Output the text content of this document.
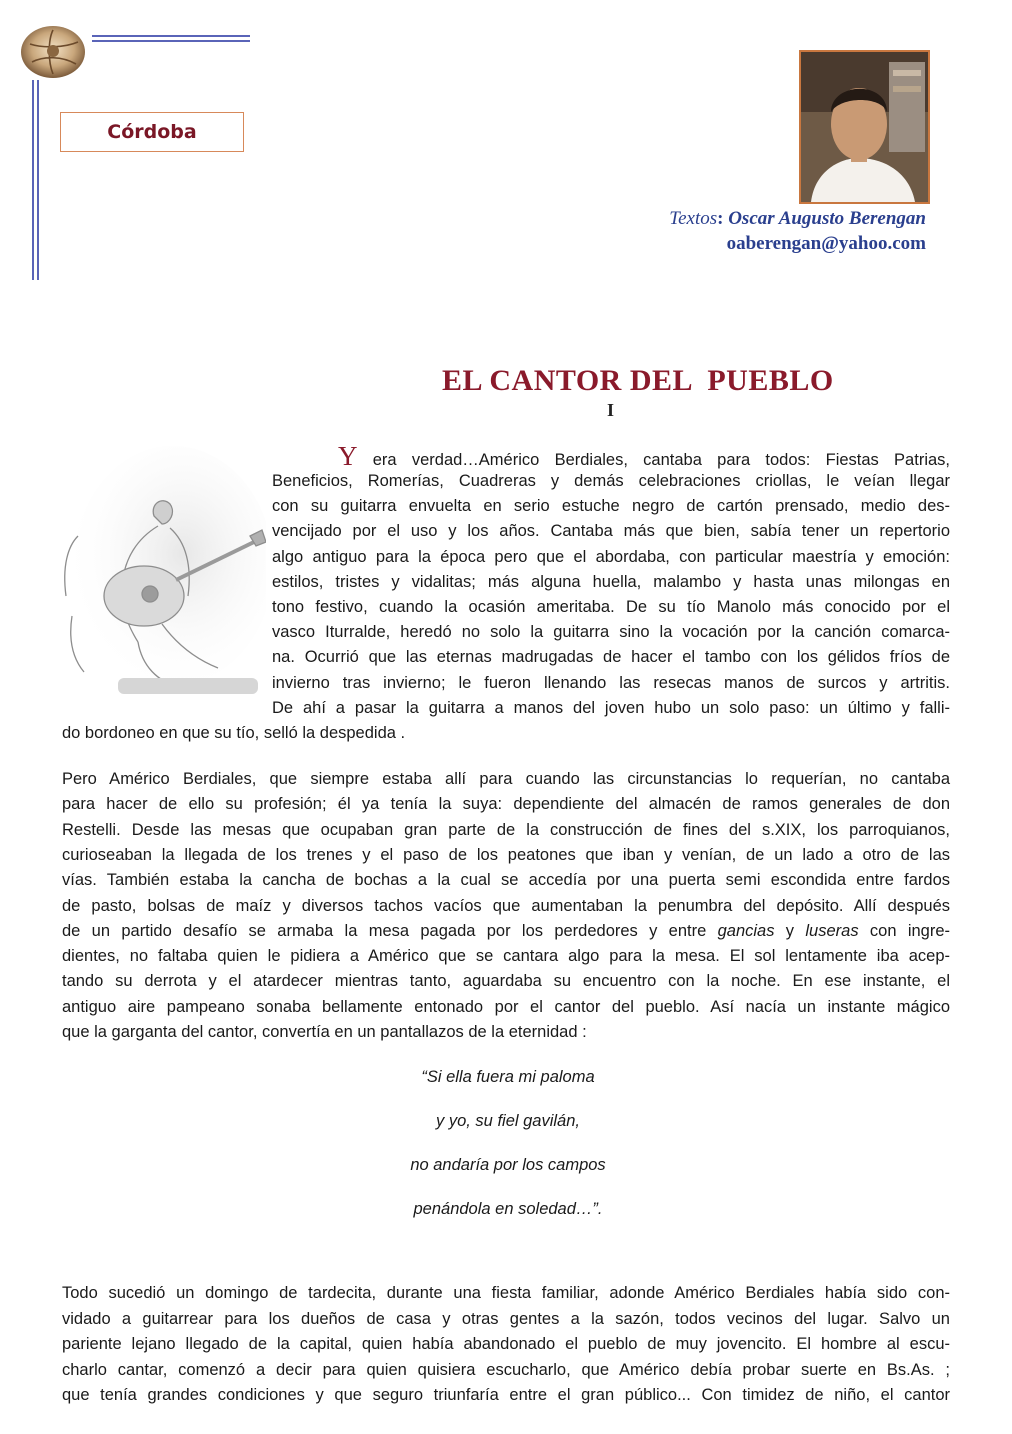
Córdoba
Textos: Oscar Augusto Berengan
oaberengan@yahoo.com
EL CANTOR DEL  PUEBLO
I
Y era verdad…Américo Berdiales, cantaba para todos: Fiestas Patrias,
Beneficios, Romerías, Cuadreras y demás celebraciones criollas, le veían llegar
con su guitarra envuelta en serio estuche negro de cartón prensado, medio des-
vencijado por el uso y los años. Cantaba más que bien, sabía tener un repertorio
algo antiguo para la época pero que el abordaba, con particular maestría y emoción:
estilos, tristes y vidalitas; más alguna huella, malambo y hasta unas milongas en
tono festivo, cuando la ocasión ameritaba. De su tío Manolo más conocido por el
vasco Iturralde, heredó no solo la guitarra sino la vocación por la canción comarca-
na. Ocurrió que las eternas madrugadas de hacer el tambo con los gélidos fríos de
invierno tras invierno; le fueron llenando las resecas manos de surcos y artritis.
De ahí a pasar la guitarra a manos del joven hubo un solo paso: un último y falli-
do bordoneo en que su tío, selló la despedida .
Pero Américo Berdiales, que siempre estaba allí para cuando las circunstancias lo requerían, no cantaba
para hacer de ello su profesión; él ya tenía la suya: dependiente del almacén de ramos generales de don
Restelli. Desde las mesas que ocupaban gran parte de la construcción de fines del s.XIX, los parroquianos,
curioseaban la llegada de los trenes y el paso de los peatones que iban y venían, de un lado a otro de las
vías. También estaba la cancha de bochas a la cual se accedía por una puerta semi escondida entre fardos
de pasto, bolsas de maíz y diversos tachos vacíos que aumentaban la penumbra del depósito. Allí después
dientes, no faltaba quien le pidiera a Américo que se cantara algo para la mesa. El sol lentamente iba acep-
tando su derrota y el atardecer mientras tanto, aguardaba su encuentro con la noche. En ese instante, el
antiguo aire pampeano sonaba bellamente entonado por el cantor del pueblo. Así nacía un instante mágico
que la garganta del cantor, convertía en un pantallazos de la eternidad :
de un partido desafío se armaba la mesa pagada por los perdedores y entre gancias y luseras con ingre-
“Si ella fuera mi paloma
y yo, su fiel gavilán,
no andaría por los campos
penándola en soledad…”.
Todo sucedió un domingo de tardecita, durante una fiesta familiar, adonde Américo Berdiales había sido con-
vidado a guitarrear para los dueños de casa y otras gentes a la sazón, todos vecinos del lugar. Salvo un
pariente lejano llegado de la capital, quien había abandonado el pueblo de muy jovencito. El hombre al escu-
charlo cantar, comenzó a decir para quien quisiera escucharlo, que Américo debía probar suerte en Bs.As. ;
que tenía grandes condiciones y que seguro triunfaría entre el gran público... Con timidez de niño, el cantor
